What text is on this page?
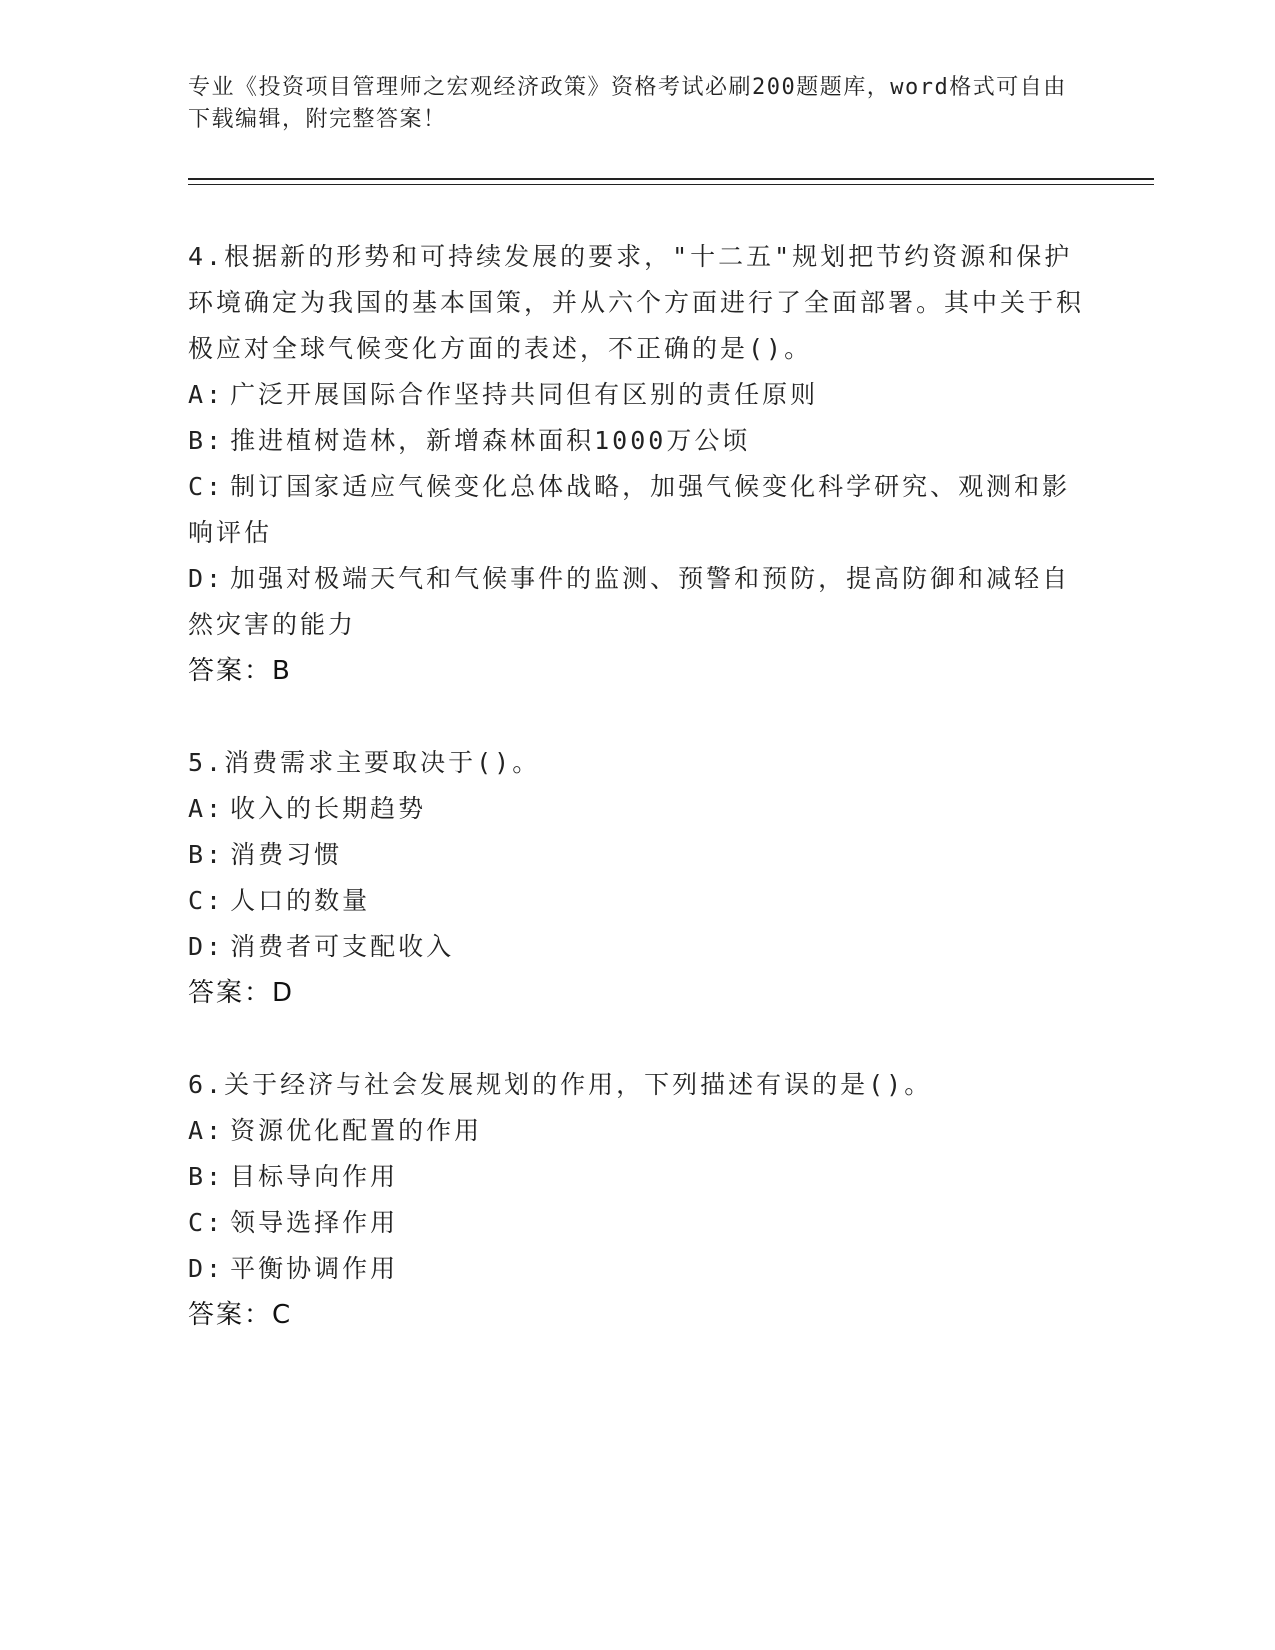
专业《投资项目管理师之宏观经济政策》资格考试必刷200题题库，word格式可自由下载编辑，附完整答案！

4.根据新的形势和可持续发展的要求，"十二五"规划把节约资源和保护环境确定为我国的基本国策，并从六个方面进行了全面部署。其中关于积极应对全球气候变化方面的表述，不正确的是()。

A: 广泛开展国际合作坚持共同但有区别的责任原则

B: 推进植树造林，新增森林面积1000万公顷

C: 制订国家适应气候变化总体战略，加强气候变化科学研究、观测和影响评估

D: 加强对极端天气和气候事件的监测、预警和预防，提高防御和减轻自然灾害的能力

答案：B

5.消费需求主要取决于()。

A: 收入的长期趋势

B: 消费习惯

C: 人口的数量

D: 消费者可支配收入

答案：D

6.关于经济与社会发展规划的作用，下列描述有误的是()。

A: 资源优化配置的作用

B: 目标导向作用

C: 领导选择作用

D: 平衡协调作用

答案：C
